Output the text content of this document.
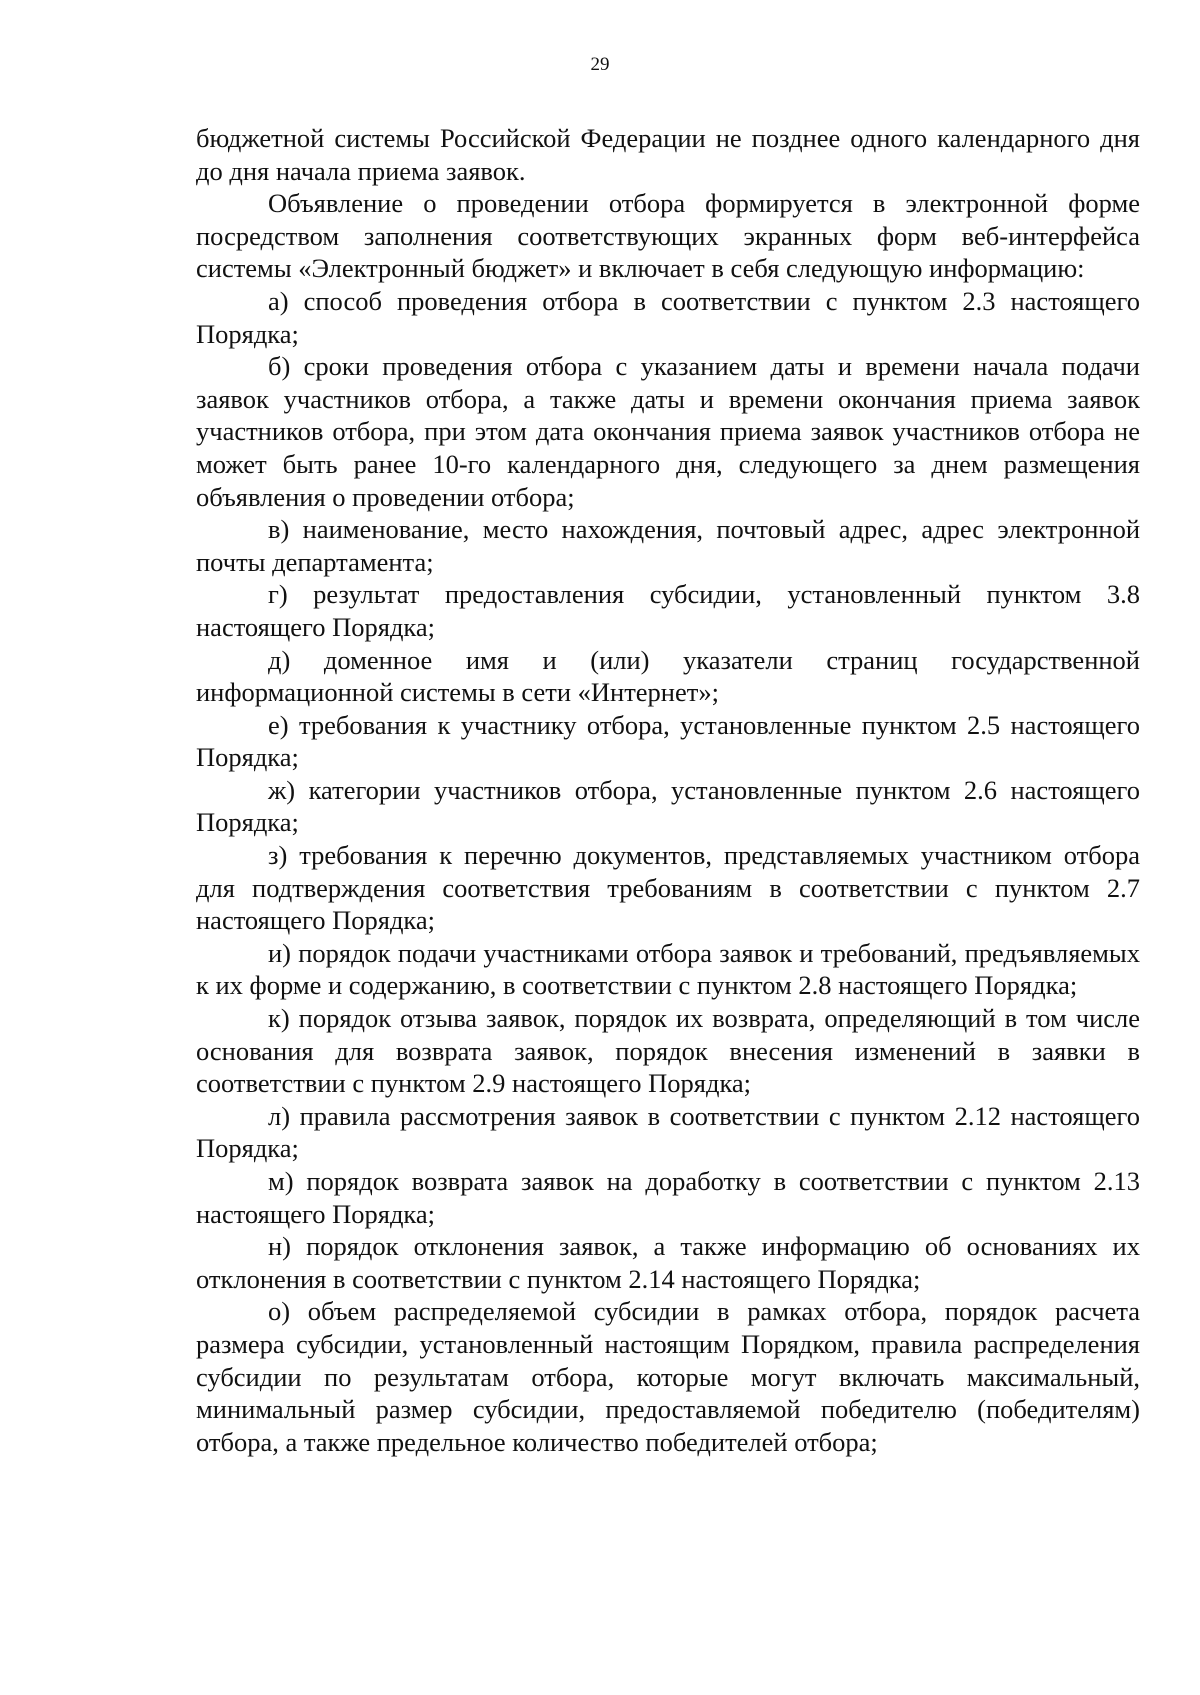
29

бюджетной системы Российской Федерации не позднее одного календарного дня до дня начала приема заявок.

Объявление о проведении отбора формируется в электронной форме посредством заполнения соответствующих экранных форм веб-интерфейса системы «Электронный бюджет» и включает в себя следующую информацию:

а) способ проведения отбора в соответствии с пунктом 2.3 настоящего Порядка;

б) сроки проведения отбора с указанием даты и времени начала подачи заявок участников отбора, а также даты и времени окончания приема заявок участников отбора, при этом дата окончания приема заявок участников отбора не может быть ранее 10-го календарного дня, следующего за днем размещения объявления о проведении отбора;

в) наименование, место нахождения, почтовый адрес, адрес электронной почты департамента;

г) результат предоставления субсидии, установленный пунктом 3.8 настоящего Порядка;

д) доменное имя и (или) указатели страниц государственной информационной системы в сети «Интернет»;

е) требования к участнику отбора, установленные пунктом 2.5 настоящего Порядка;

ж) категории участников отбора, установленные пунктом 2.6 настоящего Порядка;

з) требования к перечню документов, представляемых участником отбора для подтверждения соответствия требованиям в соответствии с пунктом 2.7 настоящего Порядка;

и) порядок подачи участниками отбора заявок и требований, предъявляемых к их форме и содержанию, в соответствии с пунктом 2.8 настоящего Порядка;

к) порядок отзыва заявок, порядок их возврата, определяющий в том числе основания для возврата заявок, порядок внесения изменений в заявки в соответствии с пунктом 2.9 настоящего Порядка;

л) правила рассмотрения заявок в соответствии с пунктом 2.12 настоящего Порядка;

м) порядок возврата заявок на доработку в соответствии с пунктом 2.13 настоящего Порядка;

н) порядок отклонения заявок, а также информацию об основаниях их отклонения в соответствии с пунктом 2.14 настоящего Порядка;

о) объем распределяемой субсидии в рамках отбора, порядок расчета размера субсидии, установленный настоящим Порядком, правила распределения субсидии по результатам отбора, которые могут включать максимальный, минимальный размер субсидии, предоставляемой победителю (победителям) отбора, а также предельное количество победителей отбора;
